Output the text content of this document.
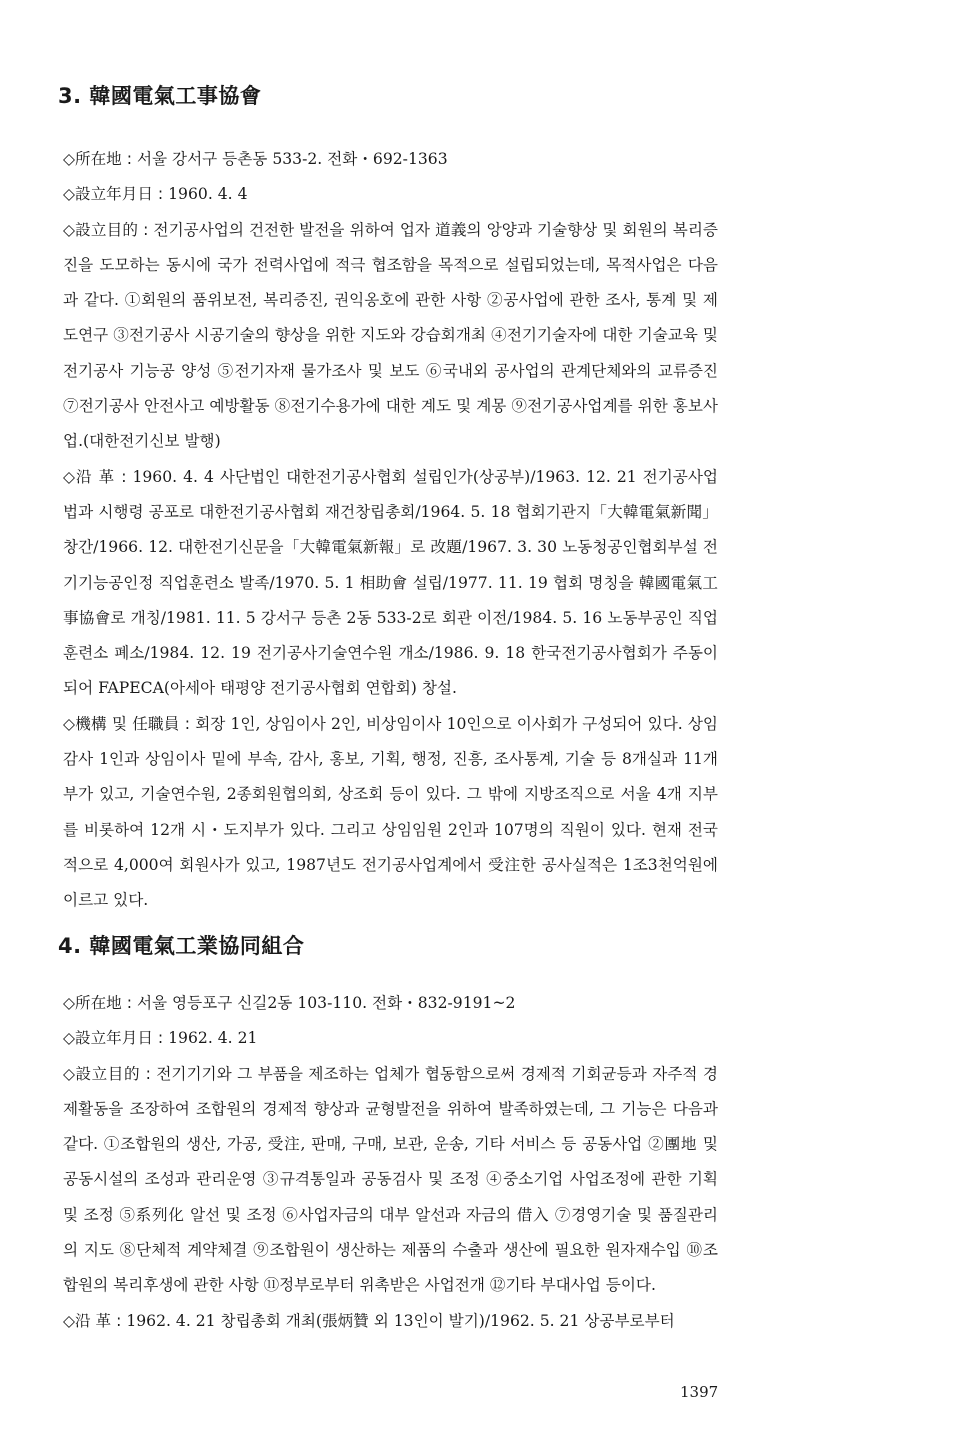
3. 韓國電氣工事協會

◇所在地 : 서울 강서구 등촌동 533-2. 전화・692-1363

◇設立年月日 : 1960. 4. 4

◇設立目的 : 전기공사업의 건전한 발전을 위하여 업자 道義의 앙양과 기술향상 및 회원의 복리증진을 도모하는 동시에 국가 전력사업에 적극 협조함을 목적으로 설립되었는데, 목적사업은 다음과 같다. ①회원의 품위보전, 복리증진, 권익옹호에 관한 사항 ②공사업에 관한 조사, 통계 및 제도연구 ③전기공사 시공기술의 향상을 위한 지도와 강습회개최 ④전기기술자에 대한 기술교육 및 전기공사 기능공 양성 ⑤전기자재 물가조사 및 보도 ⑥국내외 공사업의 관계단체와의 교류증진 ⑦전기공사 안전사고 예방활동 ⑧전기수용가에 대한 계도 및 계몽 ⑨전기공사업계를 위한 홍보사업.(대한전기신보 발행)

◇沿 革 : 1960. 4. 4 사단법인 대한전기공사협회 설립인가(상공부)/1963. 12. 21 전기공사업법과 시행령 공포로 대한전기공사협회 재건창립총회/1964. 5. 18 협회기관지「大韓電氣新聞」창간/1966. 12. 대한전기신문을「大韓電氣新報」로 改題/1967. 3. 30 노동청공인협회부설 전기기능공인정 직업훈련소 발족/1970. 5. 1 相助會 설립/1977. 11. 19 협회 명칭을 韓國電氣工事協會로 개칭/1981. 11. 5 강서구 등촌 2동 533-2로 회관 이전/1984. 5. 16 노동부공인 직업훈련소 폐소/1984. 12. 19 전기공사기술연수원 개소/1986. 9. 18 한국전기공사협회가 주동이 되어 FAPECA(아세아 태평양 전기공사협회 연합회) 창설.

◇機構 및 任職員 : 회장 1인, 상임이사 2인, 비상임이사 10인으로 이사회가 구성되어 있다. 상임감사 1인과 상임이사 밑에 부속, 감사, 홍보, 기획, 행정, 진흥, 조사통계, 기술 등 8개실과 11개부가 있고, 기술연수원, 2종회원협의회, 상조회 등이 있다. 그 밖에 지방조직으로 서울 4개 지부를 비롯하여 12개 시・도지부가 있다. 그리고 상임임원 2인과 107명의 직원이 있다. 현재 전국적으로 4,000여 회원사가 있고, 1987년도 전기공사업계에서 受注한 공사실적은 1조3천억원에 이르고 있다.

4. 韓國電氣工業協同組合

◇所在地 : 서울 영등포구 신길2동 103-110. 전화・832-9191~2

◇設立年月日 : 1962. 4. 21

◇設立目的 : 전기기기와 그 부품을 제조하는 업체가 협동함으로써 경제적 기회균등과 자주적 경제활동을 조장하여 조합원의 경제적 향상과 균형발전을 위하여 발족하였는데, 그 기능은 다음과 같다. ①조합원의 생산, 가공, 受注, 판매, 구매, 보관, 운송, 기타 서비스 등 공동사업 ②團地 및 공동시설의 조성과 관리운영 ③규격통일과 공동검사 및 조정 ④중소기업 사업조정에 관한 기획 및 조정 ⑤系列化 알선 및 조정 ⑥사업자금의 대부 알선과 자금의 借入 ⑦경영기술 및 품질관리의 지도 ⑧단체적 계약체결 ⑨조합원이 생산하는 제품의 수출과 생산에 필요한 원자재수입 ⑩조합원의 복리후생에 관한 사항 ⑪정부로부터 위촉받은 사업전개 ⑫기타 부대사업 등이다.

◇沿 革 : 1962. 4. 21 창립총회 개최(張炳贊 외 13인이 발기)/1962. 5. 21 상공부로부터

1397
